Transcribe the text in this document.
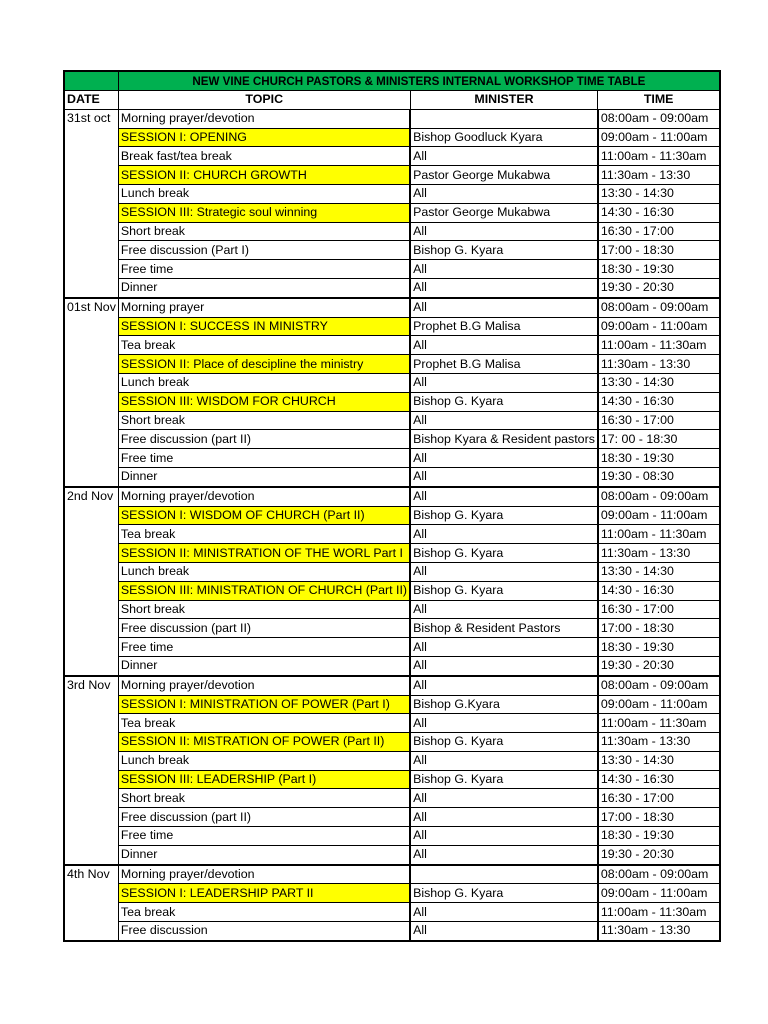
	NEW VINE CHURCH PASTORS & MINISTERS INTERNAL WORKSHOP TIME TABLE		
DATE	TOPIC	MINISTER	TIME
31st oct	Morning prayer/devotion		08:00am - 09:00am
	SESSION I: OPENING	Bishop Goodluck Kyara	09:00am - 11:00am
	Break fast/tea break	All	11:00am - 11:30am
	SESSION II: CHURCH GROWTH	Pastor George Mukabwa	11:30am - 13:30
	Lunch break	All	13:30 - 14:30
	SESSION III: Strategic soul winning	Pastor George Mukabwa	14:30 - 16:30
	Short break	All	16:30 - 17:00
	Free discussion (Part I)	Bishop G. Kyara	17:00 - 18:30
	Free time	All	18:30 - 19:30
	Dinner	All	19:30 - 20:30
01st Nov	Morning prayer	All	08:00am - 09:00am
	SESSION I: SUCCESS IN MINISTRY	Prophet B.G Malisa	09:00am - 11:00am
	Tea break	All	11:00am - 11:30am
	SESSION II: Place of descipline the ministry	Prophet B.G Malisa	11:30am - 13:30
	Lunch break	All	13:30 - 14:30
	SESSION III: WISDOM FOR CHURCH	Bishop G. Kyara	14:30 - 16:30
	Short break	All	16:30 - 17:00
	Free discussion (part II)	Bishop Kyara & Resident pastors	17: 00 - 18:30
	Free time	All	18:30 - 19:30
	Dinner	All	19:30 - 08:30
2nd Nov	Morning prayer/devotion	All	08:00am - 09:00am
	SESSION I: WISDOM OF CHURCH (Part II)	Bishop G. Kyara	09:00am - 11:00am
	Tea break	All	11:00am - 11:30am
	SESSION II: MINISTRATION OF THE WORL Part I	Bishop G. Kyara	11:30am - 13:30
	Lunch break	All	13:30 - 14:30
	SESSION III: MINISTRATION OF CHURCH (Part II)	Bishop G. Kyara	14:30 - 16:30
	Short break	All	16:30 - 17:00
	Free discussion (part II)	Bishop & Resident Pastors	17:00 - 18:30
	Free time	All	18:30 - 19:30
	Dinner	All	19:30 - 20:30
3rd Nov	Morning prayer/devotion	All	08:00am - 09:00am
	SESSION I: MINISTRATION OF POWER (Part I)	Bishop G.Kyara	09:00am - 11:00am
	Tea break	All	11:00am - 11:30am
	SESSION II: MISTRATION OF POWER (Part II)	Bishop G. Kyara	11:30am - 13:30
	Lunch break	All	13:30 - 14:30
	SESSION III: LEADERSHIP (Part I)	Bishop G. Kyara	14:30 - 16:30
	Short break	All	16:30 - 17:00
	Free discussion (part II)	All	17:00 - 18:30
	Free time	All	18:30 - 19:30
	Dinner	All	19:30 - 20:30
4th Nov	Morning prayer/devotion		08:00am - 09:00am
	SESSION I: LEADERSHIP PART II	Bishop G. Kyara	09:00am - 11:00am
	Tea break	All	11:00am - 11:30am
	Free discussion	All	11:30am - 13:30
